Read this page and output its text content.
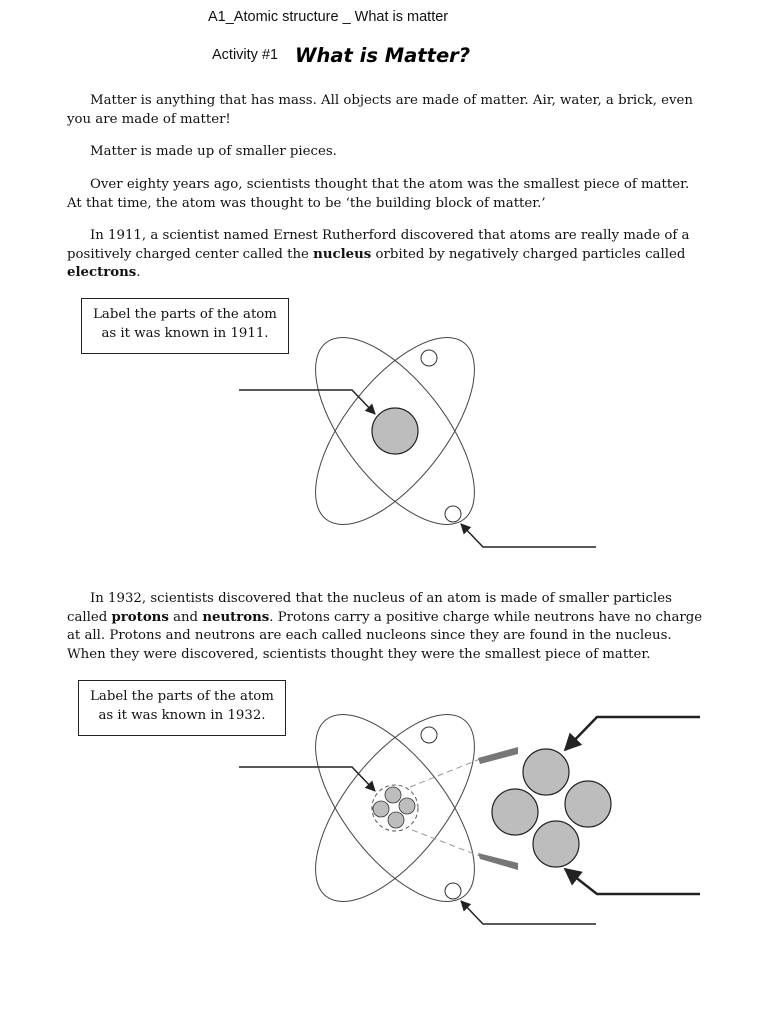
A1_Atomic structure _ What is matter
Activity #1 What is Matter?

Matter is anything that has mass. All objects are made of matter. Air, water, a brick, even you are made of matter!

Matter is made up of smaller pieces.

Over eighty years ago, scientists thought that the atom was the smallest piece of matter. At that time, the atom was thought to be ‘the building block of matter.’

In 1911, a scientist named Ernest Rutherford discovered that atoms are really made of a positively charged center called the nucleus orbited by negatively charged particles called electrons.

Label the parts of the atom
as it was known in 1911.

In 1932, scientists discovered that the nucleus of an atom is made of smaller particles called protons and neutrons. Protons carry a positive charge while neutrons have no charge at all. Protons and neutrons are each called nucleons since they are found in the nucleus. When they were discovered, scientists thought they were the smallest piece of matter.

Label the parts of the atom
as it was known in 1932.
